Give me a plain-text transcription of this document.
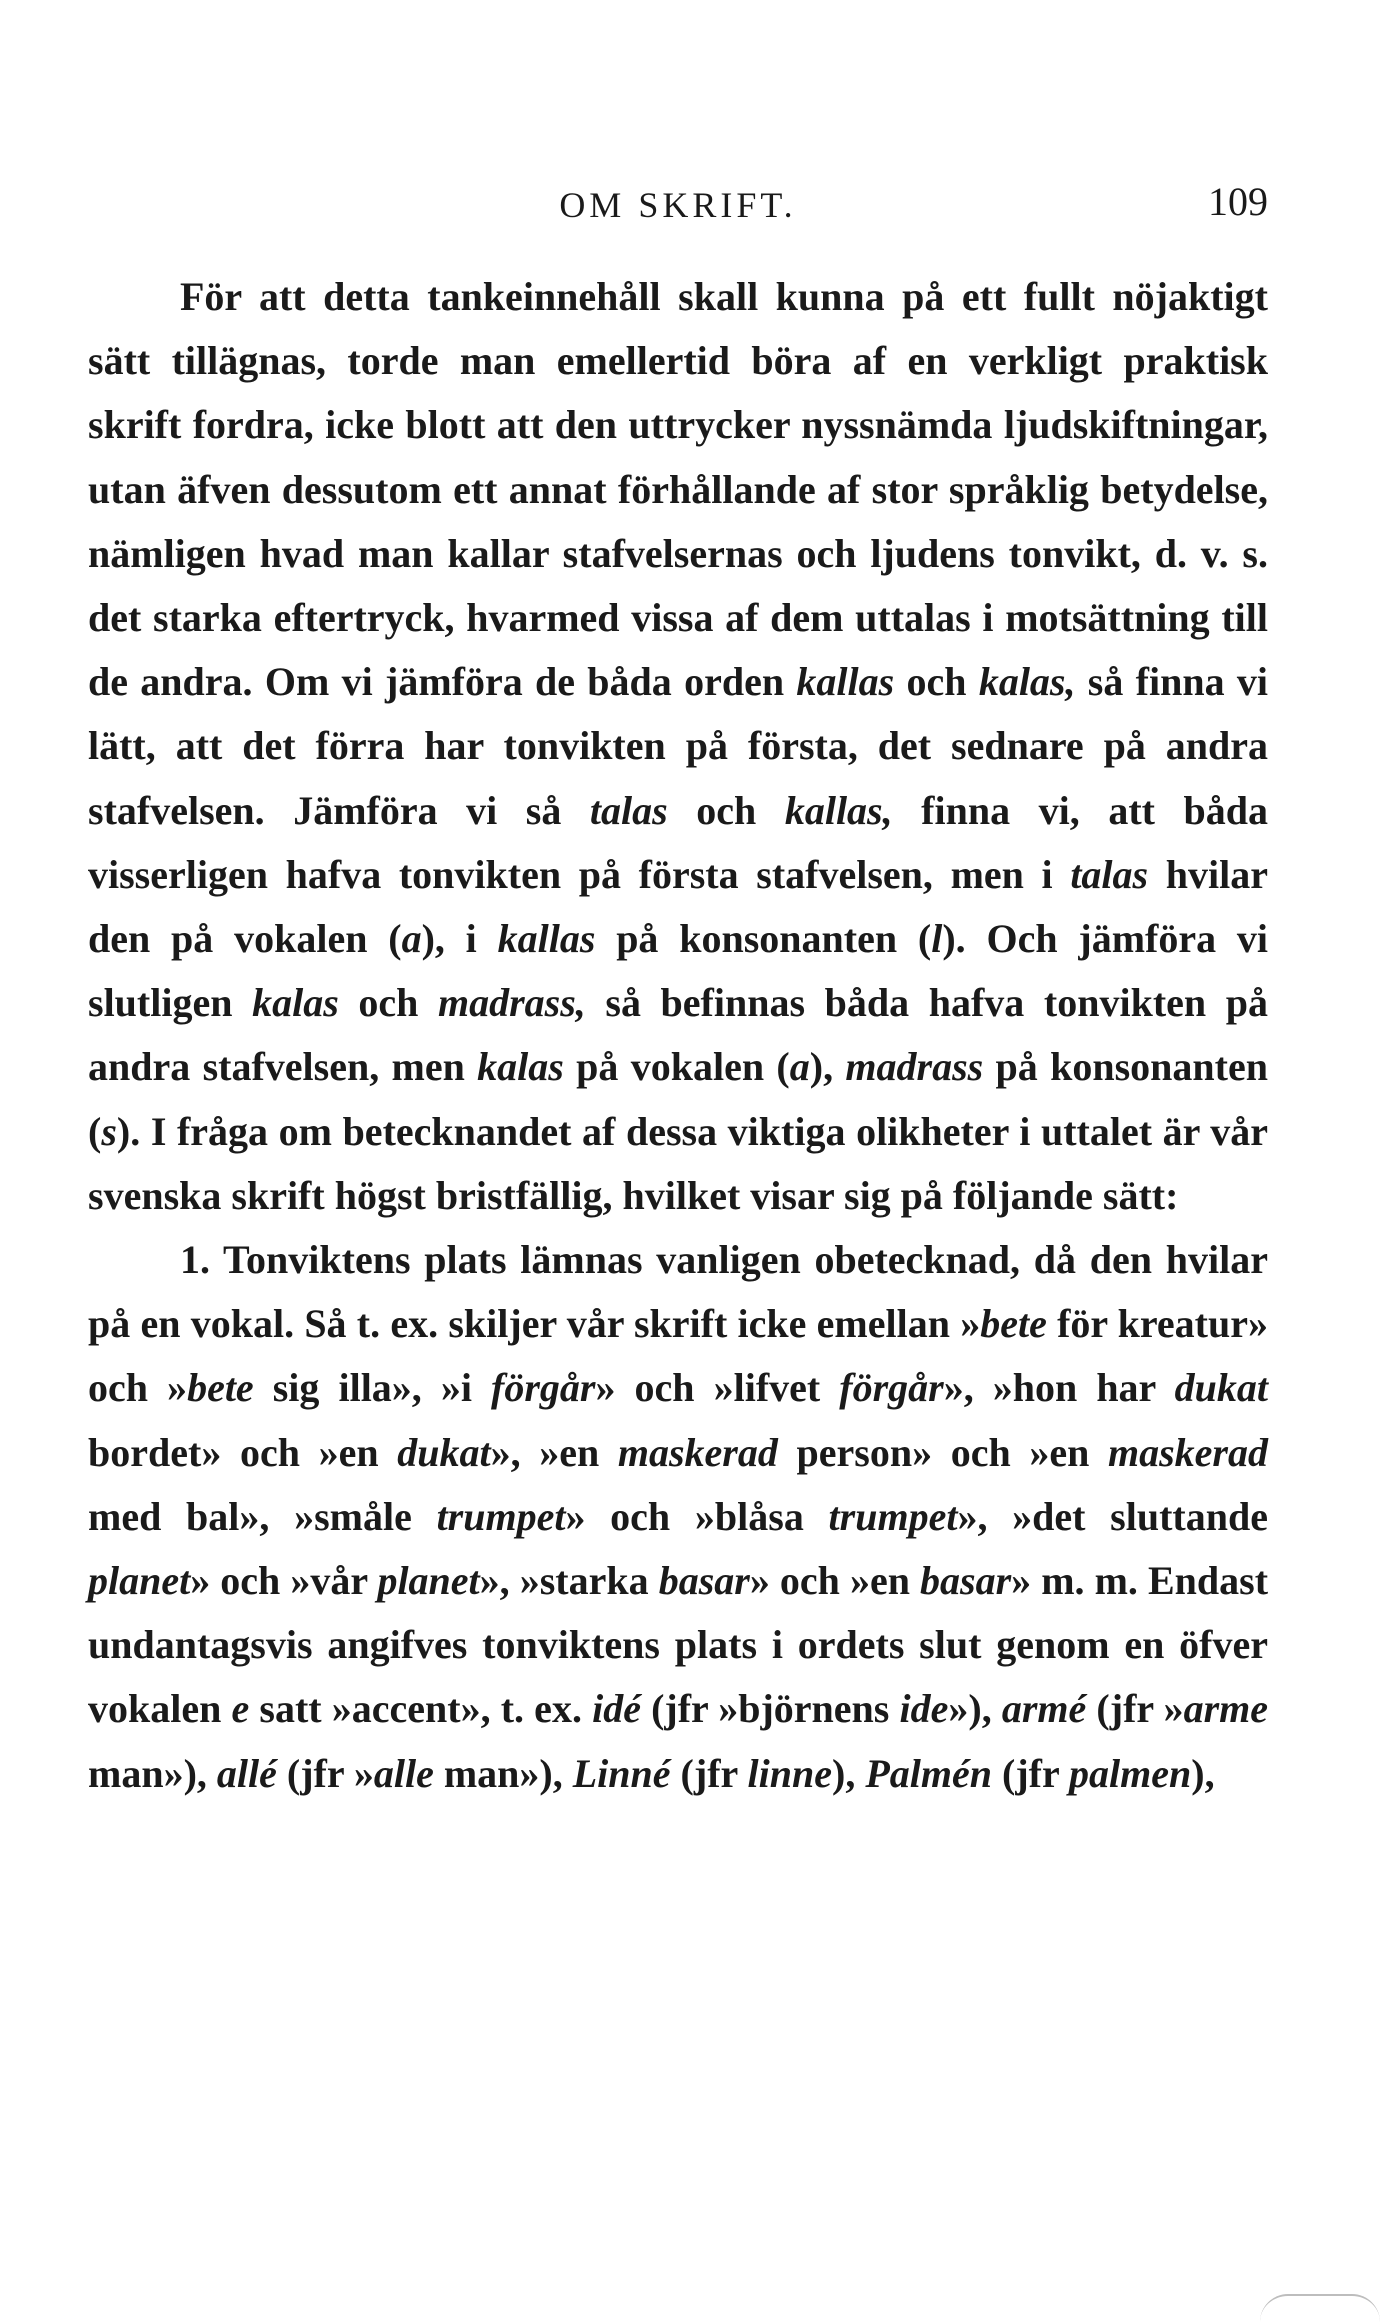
OM SKRIFT.	109

För att detta tankeinnehåll skall kunna på ett fullt nöjaktigt sätt tillägnas, torde man emellertid böra af en verkligt praktisk skrift fordra, icke blott att den uttrycker nyssnämda ljudskiftningar, utan äfven dessutom ett annat förhållande af stor språklig betydelse, nämligen hvad man kallar stafvelsernas och ljudens tonvikt, d. v. s. det starka eftertryck, hvarmed vissa af dem uttalas i motsättning till de andra. Om vi jämföra de båda orden kallas och kalas, så finna vi lätt, att det förra har tonvikten på första, det sednare på andra stafvelsen. Jämföra vi så talas och kallas, finna vi, att båda visserligen hafva tonvikten på första stafvelsen, men i talas hvilar den på vokalen (a), i kallas på konsonanten (l). Och jämföra vi slutligen kalas och madrass, så befinnas båda hafva tonvikten på andra stafvelsen, men kalas på vokalen (a), madrass på konsonanten (s). I fråga om betecknandet af dessa viktiga olikheter i uttalet är vår svenska skrift högst bristfällig, hvilket visar sig på följande sätt:

1. Tonviktens plats lämnas vanligen obetecknad, då den hvilar på en vokal. Så t. ex. skiljer vår skrift icke emellan »bete för kreatur» och »bete sig illa», »i förgår» och »lifvet förgår», »hon har dukat bordet» och »en dukat», »en maskerad person» och »en maskerad med bal», »småle trumpet» och »blåsa trumpet», »det sluttande planet» och »vår planet», »starka basar» och »en basar» m. m. Endast undantagsvis angifves tonviktens plats i ordets slut genom en öfver vokalen e satt »accent», t. ex. idé (jfr »björnens ide»), armé (jfr »arme man»), allé (jfr »alle man»), Linné (jfr linne), Palmén (jfr palmen),
